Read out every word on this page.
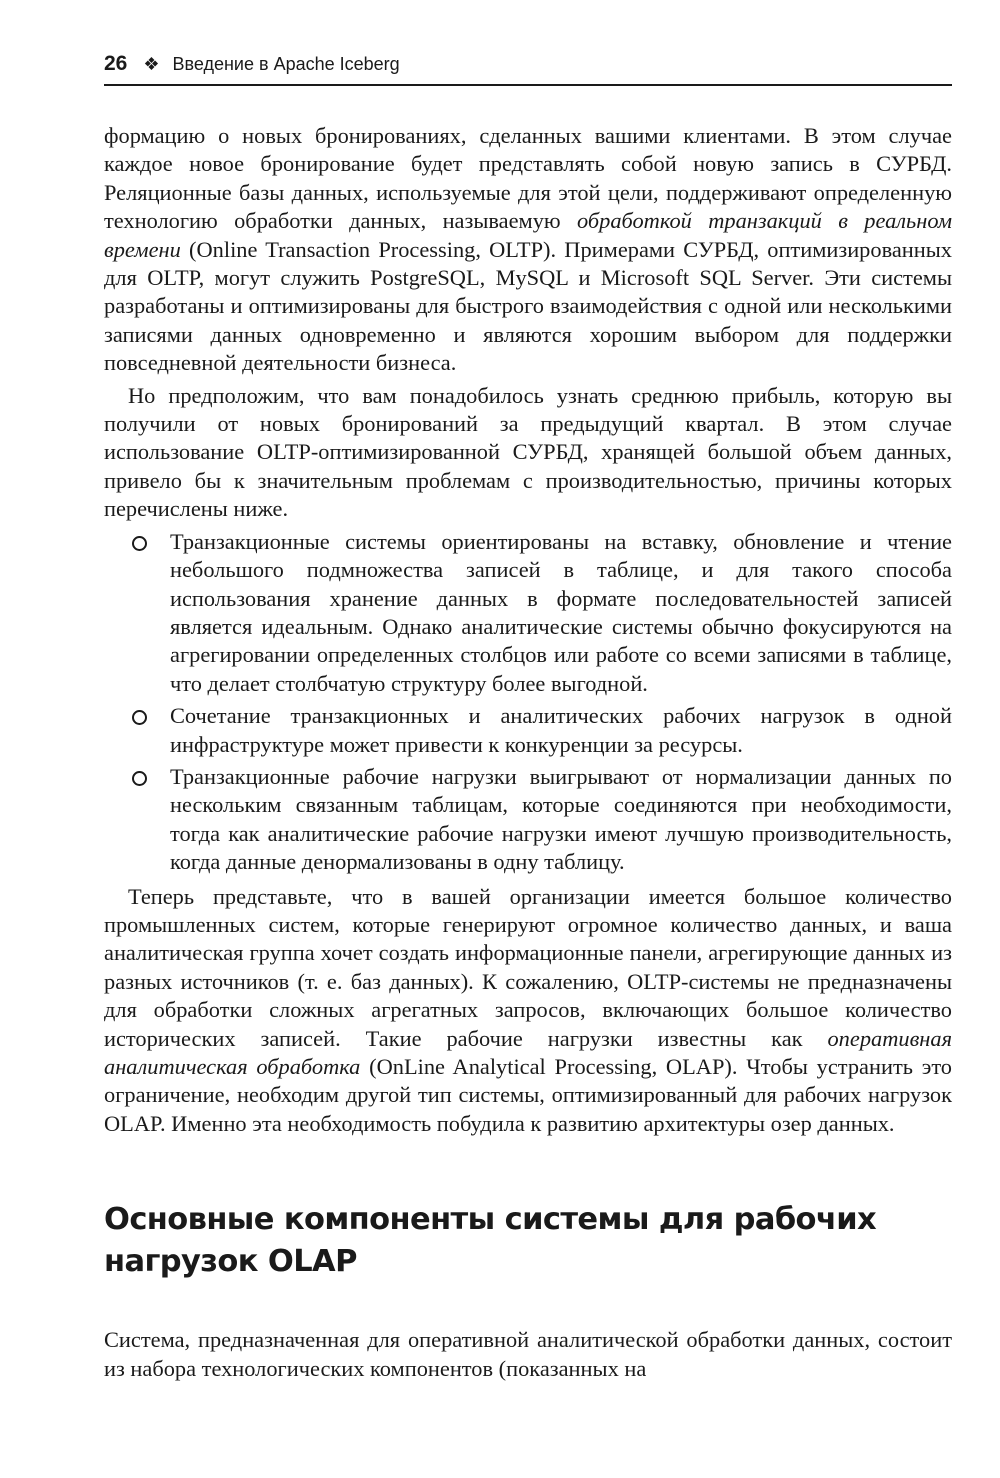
26 ❖ Введение в Apache Iceberg

формацию о новых бронированиях, сделанных вашими клиентами. В этом случае каждое новое бронирование будет представлять собой новую запись в СУРБД. Реляционные базы данных, используемые для этой цели, поддерживают определенную технологию обработки данных, называемую обработкой транзакций в реальном времени (Online Transaction Processing, OLTP). Примерами СУРБД, оптимизированных для OLTP, могут служить PostgreSQL, MySQL и Microsoft SQL Server. Эти системы разработаны и оптимизированы для быстрого взаимодействия с одной или несколькими записями данных одновременно и являются хорошим выбором для поддержки повседневной деятельности бизнеса.

Но предположим, что вам понадобилось узнать среднюю прибыль, которую вы получили от новых бронирований за предыдущий квартал. В этом случае использование OLTP-оптимизированной СУРБД, хранящей большой объем данных, привело бы к значительным проблемам с производительностью, причины которых перечислены ниже.

Транзакционные системы ориентированы на вставку, обновление и чтение небольшого подмножества записей в таблице, и для такого способа использования хранение данных в формате последовательностей записей является идеальным. Однако аналитические системы обычно фокусируются на агрегировании определенных столбцов или работе со всеми записями в таблице, что делает столбчатую структуру более выгодной.
Сочетание транзакционных и аналитических рабочих нагрузок в одной инфраструктуре может привести к конкуренции за ресурсы.
Транзакционные рабочие нагрузки выигрывают от нормализации данных по нескольким связанным таблицам, которые соединяются при необходимости, тогда как аналитические рабочие нагрузки имеют лучшую производительность, когда данные денормализованы в одну таблицу.

Теперь представьте, что в вашей организации имеется большое количество промышленных систем, которые генерируют огромное количество данных, и ваша аналитическая группа хочет создать информационные панели, агрегирующие данных из разных источников (т. е. баз данных). К сожалению, OLTP-системы не предназначены для обработки сложных агрегатных запросов, включающих большое количество исторических записей. Такие рабочие нагрузки известны как оперативная аналитическая обработка (OnLine Analytical Processing, OLAP). Чтобы устранить это ограничение, необходим другой тип системы, оптимизированный для рабочих нагрузок OLAP. Именно эта необходимость побудила к развитию архитектуры озер данных.

Основные компоненты системы для рабочих
нагрузок OLAP

Система, предназначенная для оперативной аналитической обработки данных, состоит из набора технологических компонентов (показанных на
